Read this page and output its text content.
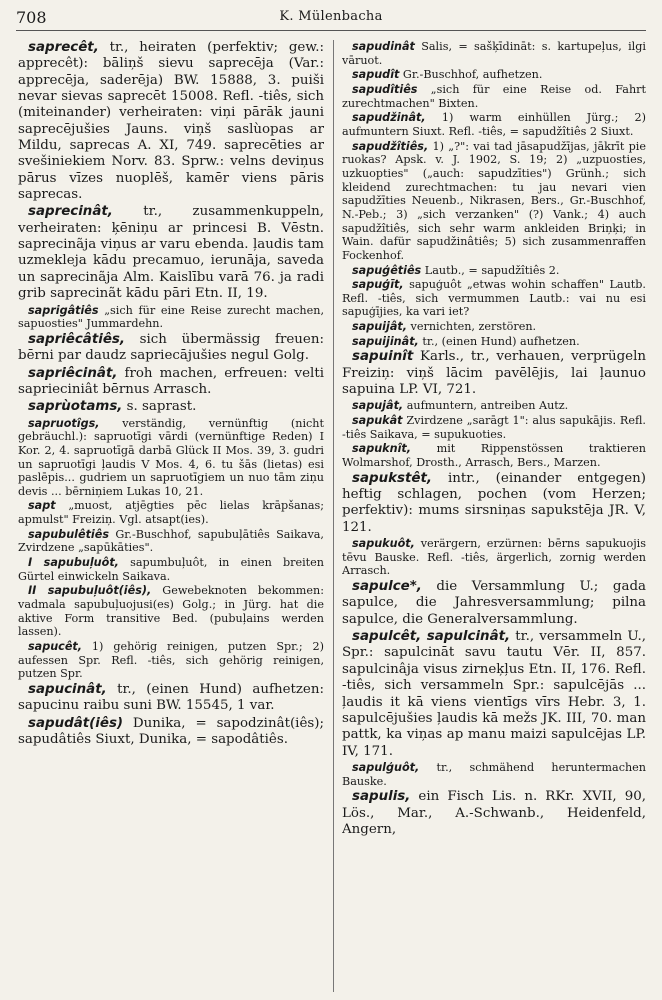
708	K. Mülenbacha

saprecêt, tr., heiraten (perfektiv; gew.: apprecêt): bāliņš sievu saprecēja (Var.: apprecēja, saderēja) BW. 15888, 3. puiši nevar sievas saprecēt 15008. Refl. -tiês, sich (miteinander) verheiraten: viņi pārāk jauni saprecējušies Jauns. viņš saslùopas ar Mildu, saprecas A. XI, 749. saprecēties ar svešiniekiem Norv. 83. Sprw.: velns deviņus pārus vīzes nuoplēš, kamēr viens pāris saprecas.

saprecinât, tr., zusammenkuppeln, verheiraten: ķēniņu ar princesi B. Vēstn. saprecinãja viņus ar varu ebenda. ļaudis tam uzmekleja kādu precamuo, ierunāja, saveda un saprecinãja Alm. Kaislību varā 76. ja radi grib saprecinãt kādu pāri Etn. II, 19.

saprigâtiês „sich für eine Reise zurecht machen, sapuosties" Jummardehn.

sapriêcâtiês, sich übermässig freuen: bērni par daudz sapriecājušies negul Golg.

sapriêcinât, froh machen, erfreuen: velti saprieciniât bērnus Arrasch.

saprùotams, s. saprast.

sapruotîgs, verständig, vernünftig (nicht gebräuchl.): sapruotīgi vārdi (vernünftige Reden) I Kor. 2, 4. sapruotīgā darbā Glück II Mos. 39, 3. gudri un sapruotīgi ļaudis V Mos. 4, 6. tu šās (lietas) esi paslēpis... gudriem un sapruotīgiem un nuo tām ziņu devis ... bērniņiem Lukas 10, 21.

sapt „muost, atjēgties pēc lielas krāpšanas; apmulst" Freiziņ. Vgl. atsapt(ies).

sapubulêtiês Gr.-Buschhof, sapubuļātiês Saikava, Zvirdzene „sapūkāties".

I sapubuļuôt, sapumbuļuôt, in einen breiten Gürtel einwickeln Saikava.

II sapubuļuôt(iês), Gewebeknoten bekommen: vadmala sapubuļuojusi(es) Golg.; in Jürg. hat die aktive Form transitive Bed. (pubuļains werden lassen).

sapucêt, 1) gehörig reinigen, putzen Spr.; 2) aufessen Spr. Refl. -tiês, sich gehörig reinigen, putzen Spr.

sapucinât, tr., (einen Hund) aufhetzen: sapucinu raibu suni BW. 15545, 1 var.

sapudât(iês) Dunika, = sapodzinât(iês); sapudâtiês Siuxt, Dunika, = sapodâtiês.

sapudinât Salis, = sašķīdināt: s. kartupeļus, ilgi vāruot.

sapudît Gr.-Buschhof, aufhetzen.

sapudîtiês „sich für eine Reise od. Fahrt zurechtmachen" Bixten.

sapudžinât, 1) warm einhüllen Jürg.; 2) aufmuntern Siuxt. Refl. -tiês, = sapudžîtiês 2 Siuxt.

sapudžîtiês, 1) „?": vai tad jāsapudžījas, jākrīt pie ruokas? Apsk. v. J. 1902, S. 19; 2) „uzpuosties, uzkuopties" („auch: sapudzīties") Grünh.; sich kleidend zurechtmachen: tu jau nevari vien sapudžīties Neuenb., Nikrasen, Bers., Gr.-Buschhof, N.-Peb.; 3) „sich verzanken" (?) Vank.; 4) auch sapudžîtiês, sich sehr warm ankleiden Briņķi; in Wain. dafür sapudžinâtiês; 5) sich zusammenraffen Fockenhof.

sapuģêtiês Lautb., = sapudžîtiês 2.

sapuģīt, sapuģuôt „etwas wohin schaffen" Lautb. Refl. -tiês, sich vermummen Lautb.: vai nu esi sapuģījies, ka vari iet?

sapuijât, vernichten, zerstören.

sapuijinât, tr., (einen Hund) aufhetzen.

sapuinît Karls., tr., verhauen, verprügeln Freiziņ: viņš lācim pavēlējis, lai ļaunuo sapuina LP. VI, 721.

sapujât, aufmuntern, antreiben Autz.

sapukât Zvirdzene „sarāgt 1": alus sapukājis. Refl. -tiês Saikava, = supukuoties.

sapuknît, mit Rippenstössen traktieren Wolmarshof, Drosth., Arrasch, Bers., Marzen.

sapukstêt, intr., (einander entgegen) heftig schlagen, pochen (vom Herzen; perfektiv): mums sirsniņas sapukstēja JR. V, 121.

sapukuôt, verärgern, erzürnen: bērns sapukuojis tēvu Bauske. Refl. -tiês, ärgerlich, zornig werden Arrasch.

sapulce*, die Versammlung U.; gada sapulce, die Jahresversammlung; pilna sapulce, die Generalversammlung.

sapulcêt, sapulcinât, tr., versammeln U., Spr.: sapulcināt savu tautu Vēr. II, 857. sapulcinâja visus zirneķļus Etn. II, 176. Refl. -tiês, sich versammeln Spr.: sapulcējās ... ļaudis it kā viens vientīgs vīrs Hebr. 3, 1. sapulcējušies ļaudis kā mežs JK. III, 70. man pattk, ka viņas ap manu maizi sapulcējas LP. IV, 171.

sapulģuôt, tr., schmähend heruntermachen Bauske.

sapulis, ein Fisch Lis. n. RKr. XVII, 90, Lös., Mar., A.-Schwanb., Heidenfeld, Angern,
